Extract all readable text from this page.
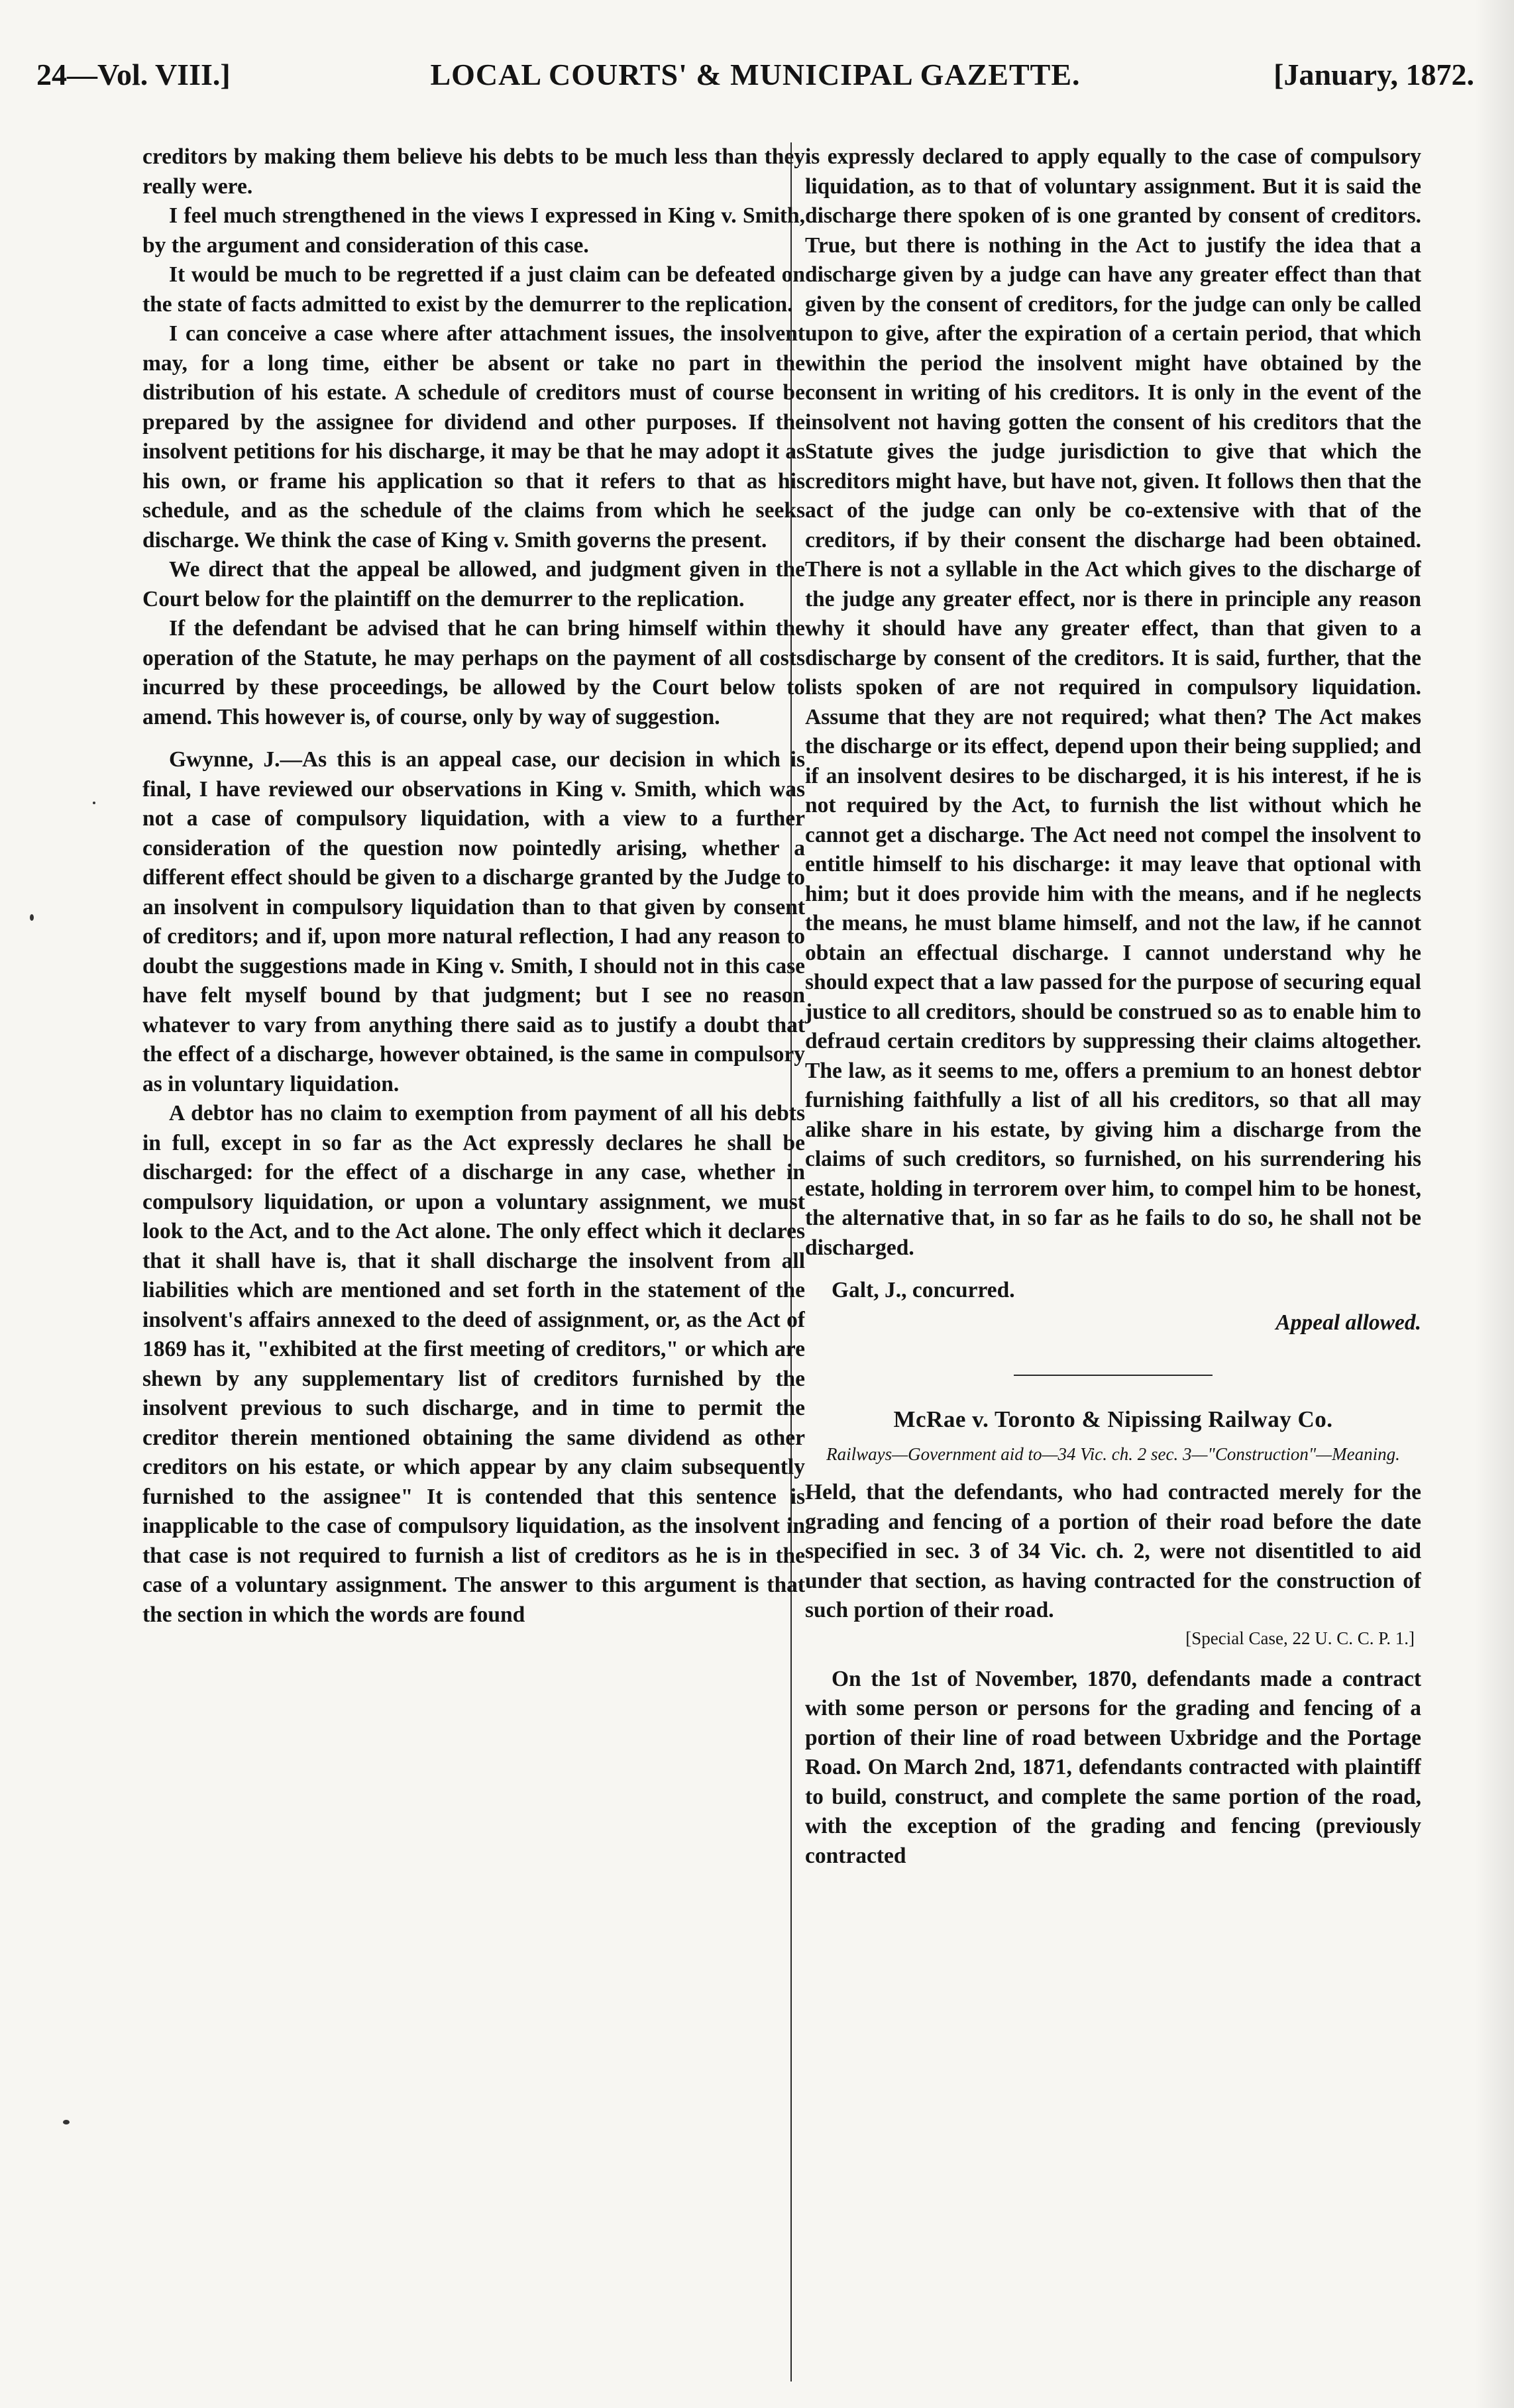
24—Vol. VIII.]	LOCAL COURTS' & MUNICIPAL GAZETTE.	[January, 1872.

creditors by making them believe his debts to be much less than they really were.

I feel much strengthened in the views I expressed in King v. Smith, by the argument and consideration of this case.

It would be much to be regretted if a just claim can be defeated on the state of facts admitted to exist by the demurrer to the replication.

I can conceive a case where after attachment issues, the insolvent may, for a long time, either be absent or take no part in the distribution of his estate. A schedule of creditors must of course be prepared by the assignee for dividend and other purposes. If the insolvent petitions for his discharge, it may be that he may adopt it as his own, or frame his application so that it refers to that as his schedule, and as the schedule of the claims from which he seeks discharge. We think the case of King v. Smith governs the present.

We direct that the appeal be allowed, and judgment given in the Court below for the plaintiff on the demurrer to the replication.

If the defendant be advised that he can bring himself within the operation of the Statute, he may perhaps on the payment of all costs incurred by these proceedings, be allowed by the Court below to amend. This however is, of course, only by way of suggestion.

Gwynne, J.—As this is an appeal case, our decision in which is final, I have reviewed our observations in King v. Smith, which was not a case of compulsory liquidation, with a view to a further consideration of the question now pointedly arising, whether a different effect should be given to a discharge granted by the Judge to an insolvent in compulsory liquidation than to that given by consent of creditors; and if, upon more natural reflection, I had any reason to doubt the suggestions made in King v. Smith, I should not in this case have felt myself bound by that judgment; but I see no reason whatever to vary from anything there said as to justify a doubt that the effect of a discharge, however obtained, is the same in compulsory as in voluntary liquidation.

A debtor has no claim to exemption from payment of all his debts in full, except in so far as the Act expressly declares he shall be discharged: for the effect of a discharge in any case, whether in compulsory liquidation, or upon a voluntary assignment, we must look to the Act, and to the Act alone. The only effect which it declares that it shall have is, that it shall discharge the insolvent from all liabilities which are mentioned and set forth in the statement of the insolvent's affairs annexed to the deed of assignment, or, as the Act of 1869 has it, "exhibited at the first meeting of creditors," or which are shewn by any supplementary list of creditors furnished by the insolvent previous to such discharge, and in time to permit the creditor therein mentioned obtaining the same dividend as other creditors on his estate, or which appear by any claim subsequently furnished to the assignee" It is contended that this sentence is inapplicable to the case of compulsory liquidation, as the insolvent in that case is not required to furnish a list of creditors as he is in the case of a voluntary assignment. The answer to this argument is that the section in which the words are found

is expressly declared to apply equally to the case of compulsory liquidation, as to that of voluntary assignment. But it is said the discharge there spoken of is one granted by consent of creditors. True, but there is nothing in the Act to justify the idea that a discharge given by a judge can have any greater effect than that given by the consent of creditors, for the judge can only be called upon to give, after the expiration of a certain period, that which within the period the insolvent might have obtained by the consent in writing of his creditors. It is only in the event of the insolvent not having gotten the consent of his creditors that the Statute gives the judge jurisdiction to give that which the creditors might have, but have not, given. It follows then that the act of the judge can only be co-extensive with that of the creditors, if by their consent the discharge had been obtained. There is not a syllable in the Act which gives to the discharge of the judge any greater effect, nor is there in principle any reason why it should have any greater effect, than that given to a discharge by consent of the creditors. It is said, further, that the lists spoken of are not required in compulsory liquidation. Assume that they are not required; what then? The Act makes the discharge or its effect, depend upon their being supplied; and if an insolvent desires to be discharged, it is his interest, if he is not required by the Act, to furnish the list without which he cannot get a discharge. The Act need not compel the insolvent to entitle himself to his discharge: it may leave that optional with him; but it does provide him with the means, and if he neglects the means, he must blame himself, and not the law, if he cannot obtain an effectual discharge. I cannot understand why he should expect that a law passed for the purpose of securing equal justice to all creditors, should be construed so as to enable him to defraud certain creditors by suppressing their claims altogether. The law, as it seems to me, offers a premium to an honest debtor furnishing faithfully a list of all his creditors, so that all may alike share in his estate, by giving him a discharge from the claims of such creditors, so furnished, on his surrendering his estate, holding in terrorem over him, to compel him to be honest, the alternative that, in so far as he fails to do so, he shall not be discharged.

Galt, J., concurred.

Appeal allowed.

McRae v. Toronto & Nipissing Railway Co.
Railways—Government aid to—34 Vic. ch. 2 sec. 3—"Construction"—Meaning.

Held, that the defendants, who had contracted merely for the grading and fencing of a portion of their road before the date specified in sec. 3 of 34 Vic. ch. 2, were not disentitled to aid under that section, as having contracted for the construction of such portion of their road.

[Special Case, 22 U. C. C. P. 1.]

On the 1st of November, 1870, defendants made a contract with some person or persons for the grading and fencing of a portion of their line of road between Uxbridge and the Portage Road. On March 2nd, 1871, defendants contracted with plaintiff to build, construct, and complete the same portion of the road, with the exception of the grading and fencing (previously contracted
